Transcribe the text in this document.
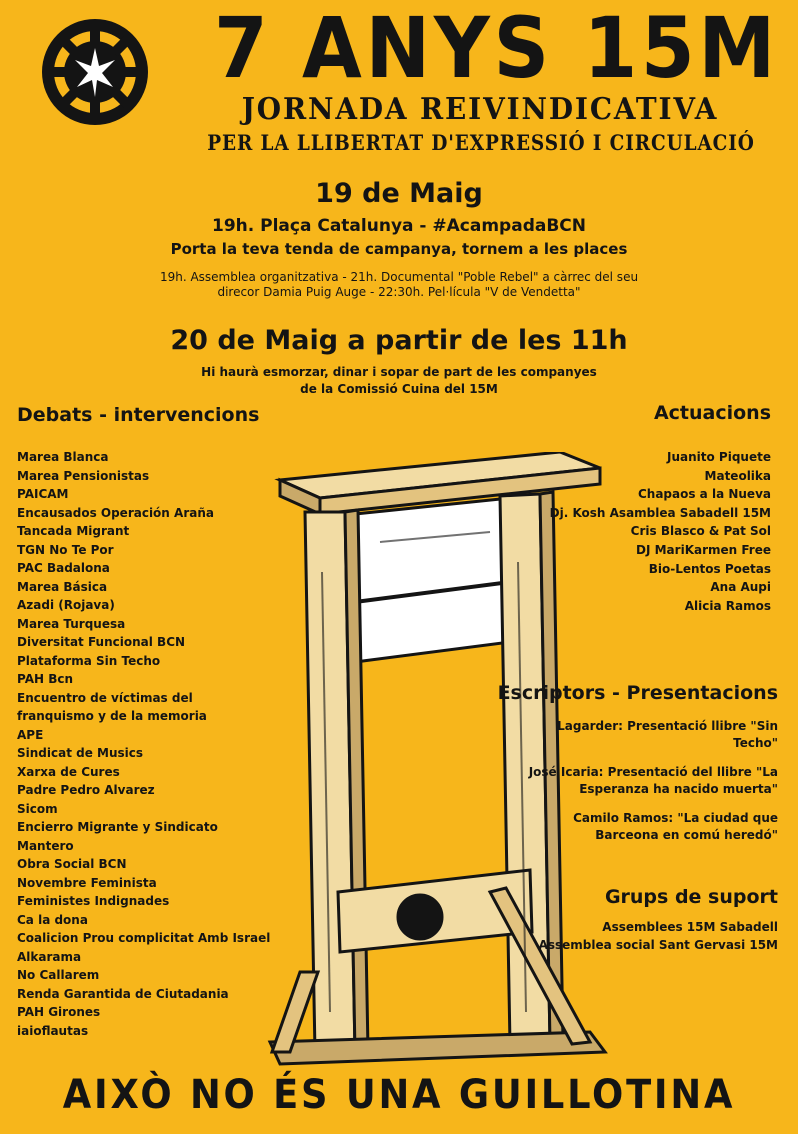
7 ANYS 15M
JORNADA REIVINDICATIVA
PER LA LLIBERTAT D'EXPRESSIÓ I CIRCULACIÓ
19 de Maig
19h. Plaça Catalunya - #AcampadaBCN
Porta la teva tenda de campanya, tornem a les places
19h. Assemblea organitzativa - 21h. Documental "Poble Rebel" a càrrec del seu
direcor Damia Puig Auge - 22:30h. Pel·lícula "V de Vendetta"
20 de Maig a partir de les 11h
Hi haurà esmorzar, dinar i sopar de part de les companyes
de la Comissió Cuina del 15M
Debats - intervencions
Marea Blanca
Marea Pensionistas
PAICAM
Encausados Operación Araña
Tancada Migrant
TGN No Te Por
PAC Badalona
Marea Básica
Azadi (Rojava)
Marea Turquesa
Diversitat Funcional BCN
Plataforma Sin Techo
PAH Bcn
Encuentro de víctimas del
franquismo y de la memoria
APE
Sindicat de Musics
Xarxa de Cures
Padre Pedro Alvarez
Sicom
Encierro Migrante y Sindicato
Mantero
Obra Social BCN
Novembre Feminista
Feministes Indignades
Ca la dona
Coalicion Prou complicitat Amb Israel
Alkarama
No Callarem
Renda Garantida de Ciutadania
PAH Girones
iaioflautas
Actuacions
Juanito Piquete
Mateolika
Chapaos a la Nueva
Dj. Kosh Asamblea Sabadell 15M
Cris Blasco & Pat Sol
DJ MariKarmen Free
Bio-Lentos Poetas
Ana Aupi
Alicia Ramos
Escriptors - Presentacions
Lagarder: Presentació llibre "Sin Techo"
José Icaria: Presentació del llibre "La Esperanza ha nacido muerta"
Camilo Ramos: "La ciudad que Barceona en comú heredó"
Grups de suport
Assemblees 15M Sabadell
Assemblea social Sant Gervasi 15M
AIXÒ NO ÉS UNA GUILLOTINA
